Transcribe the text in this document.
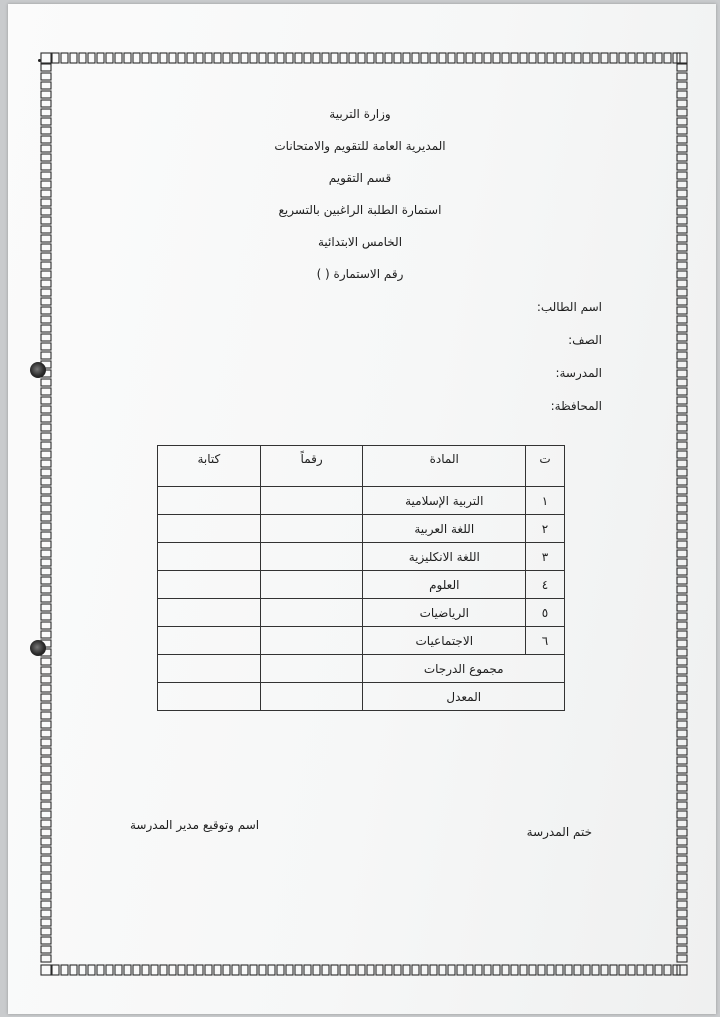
وزارة التربية
المديرية العامة للتقويم والامتحانات
قسم التقويم
استمارة الطلبة الراغبين بالتسريع
الخامس الابتدائية
رقم الاستمارة ( )
اسم الطالب:
الصف:
المدرسة:
المحافظة:
ت	المادة	رقماً	كتابة
١	التربية الإسلامية		
٢	اللغة العربية		
٣	اللغة الانكليزية		
٤	العلوم		
٥	الرياضيات		
٦	الاجتماعيات		
مجموع الدرجات			
المعدل			
ختم المدرسة
اسم وتوقيع مدير المدرسة
